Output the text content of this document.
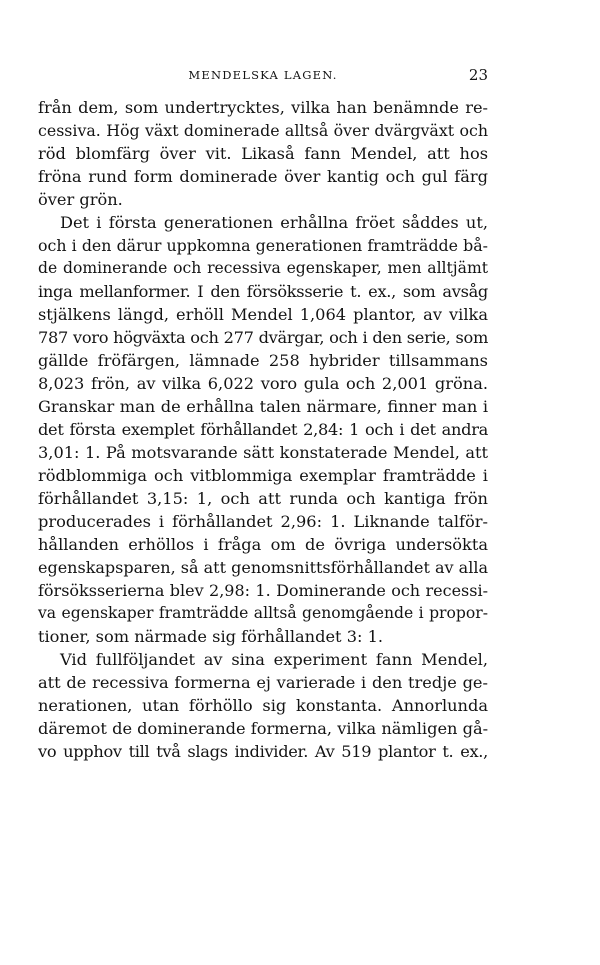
MENDELSKA LAGEN.	23
från dem, som undertrycktes, vilka han benämnde re-
cessiva. Hög växt dominerade alltså över dvärgväxt och
röd blomfärg över vit. Likaså fann Mendel, att hos
fröna rund form dominerade över kantig och gul färg
över grön.
Det i första generationen erhållna fröet såddes ut,
och i den därur uppkomna generationen framträdde bå-
de dominerande och recessiva egenskaper, men alltjämt
inga mellanformer. I den försöksserie t. ex., som avsåg
stjälkens längd, erhöll Mendel 1,064 plantor, av vilka
787 voro högväxta och 277 dvärgar, och i den serie, som
gällde fröfärgen, lämnade 258 hybrider tillsammans
8,023 frön, av vilka 6,022 voro gula och 2,001 gröna.
Granskar man de erhållna talen närmare, finner man i
det första exemplet förhållandet 2,84: 1 och i det andra
3,01: 1. På motsvarande sätt konstaterade Mendel, att
rödblommiga och vitblommiga exemplar framträdde i
förhållandet 3,15: 1, och att runda och kantiga frön
producerades i förhållandet 2,96: 1. Liknande talför-
hållanden erhöllos i fråga om de övriga undersökta
egenskapsparen, så att genomsnittsförhållandet av alla
försöksserierna blev 2,98: 1. Dominerande och recessi-
va egenskaper framträdde alltså genomgående i propor-
tioner, som närmade sig förhållandet 3: 1.
Vid fullföljandet av sina experiment fann Mendel,
att de recessiva formerna ej varierade i den tredje ge-
nerationen, utan förhöllo sig konstanta. Annorlunda
däremot de dominerande formerna, vilka nämligen gå-
vo upphov till två slags individer. Av 519 plantor t. ex.,
